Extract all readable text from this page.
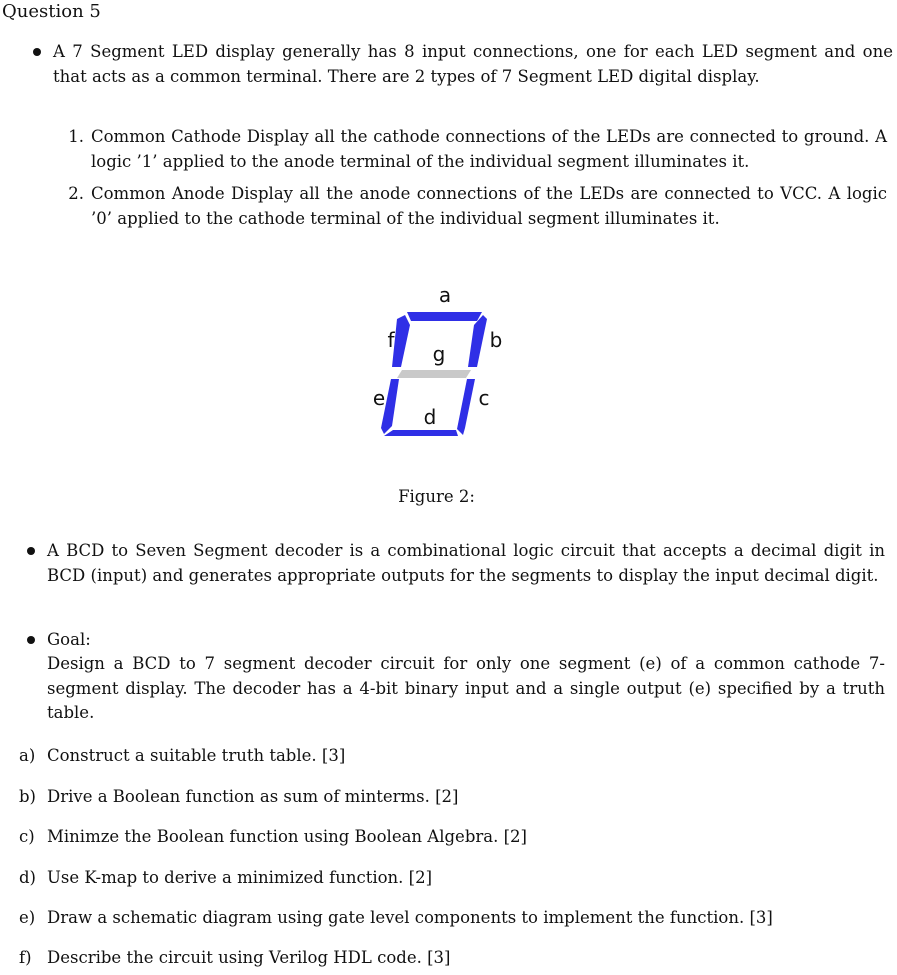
Question 5
A 7 Segment LED display generally has 8 input connections, one for each LED segment and one that acts as a common terminal. There are 2 types of 7 Segment LED digital display.
1. Common Cathode Display all the cathode connections of the LEDs are connected to ground. A logic ’1’ applied to the anode terminal of the individual segment illuminates it.
2. Common Anode Display all the anode connections of the LEDs are connected to VCC. A logic ’0’ applied to the cathode terminal of the individual segment illuminates it.
a
b
f
g
e	c
d
Figure 2:
A BCD to Seven Segment decoder is a combinational logic circuit that accepts a decimal digit in BCD (input) and generates appropriate outputs for the segments to display the input decimal digit.
Goal:
Design a BCD to 7 segment decoder circuit for only one segment (e) of a common cathode 7-segment display. The decoder has a 4-bit binary input and a single output (e) specified by a truth table.
a) Construct a suitable truth table. [3]
b) Drive a Boolean function as sum of minterms. [2]
c) Minimze the Boolean function using Boolean Algebra. [2]
d) Use K-map to derive a minimized function. [2]
e) Draw a schematic diagram using gate level components to implement the function. [3]
f) Describe the circuit using Verilog HDL code. [3]
